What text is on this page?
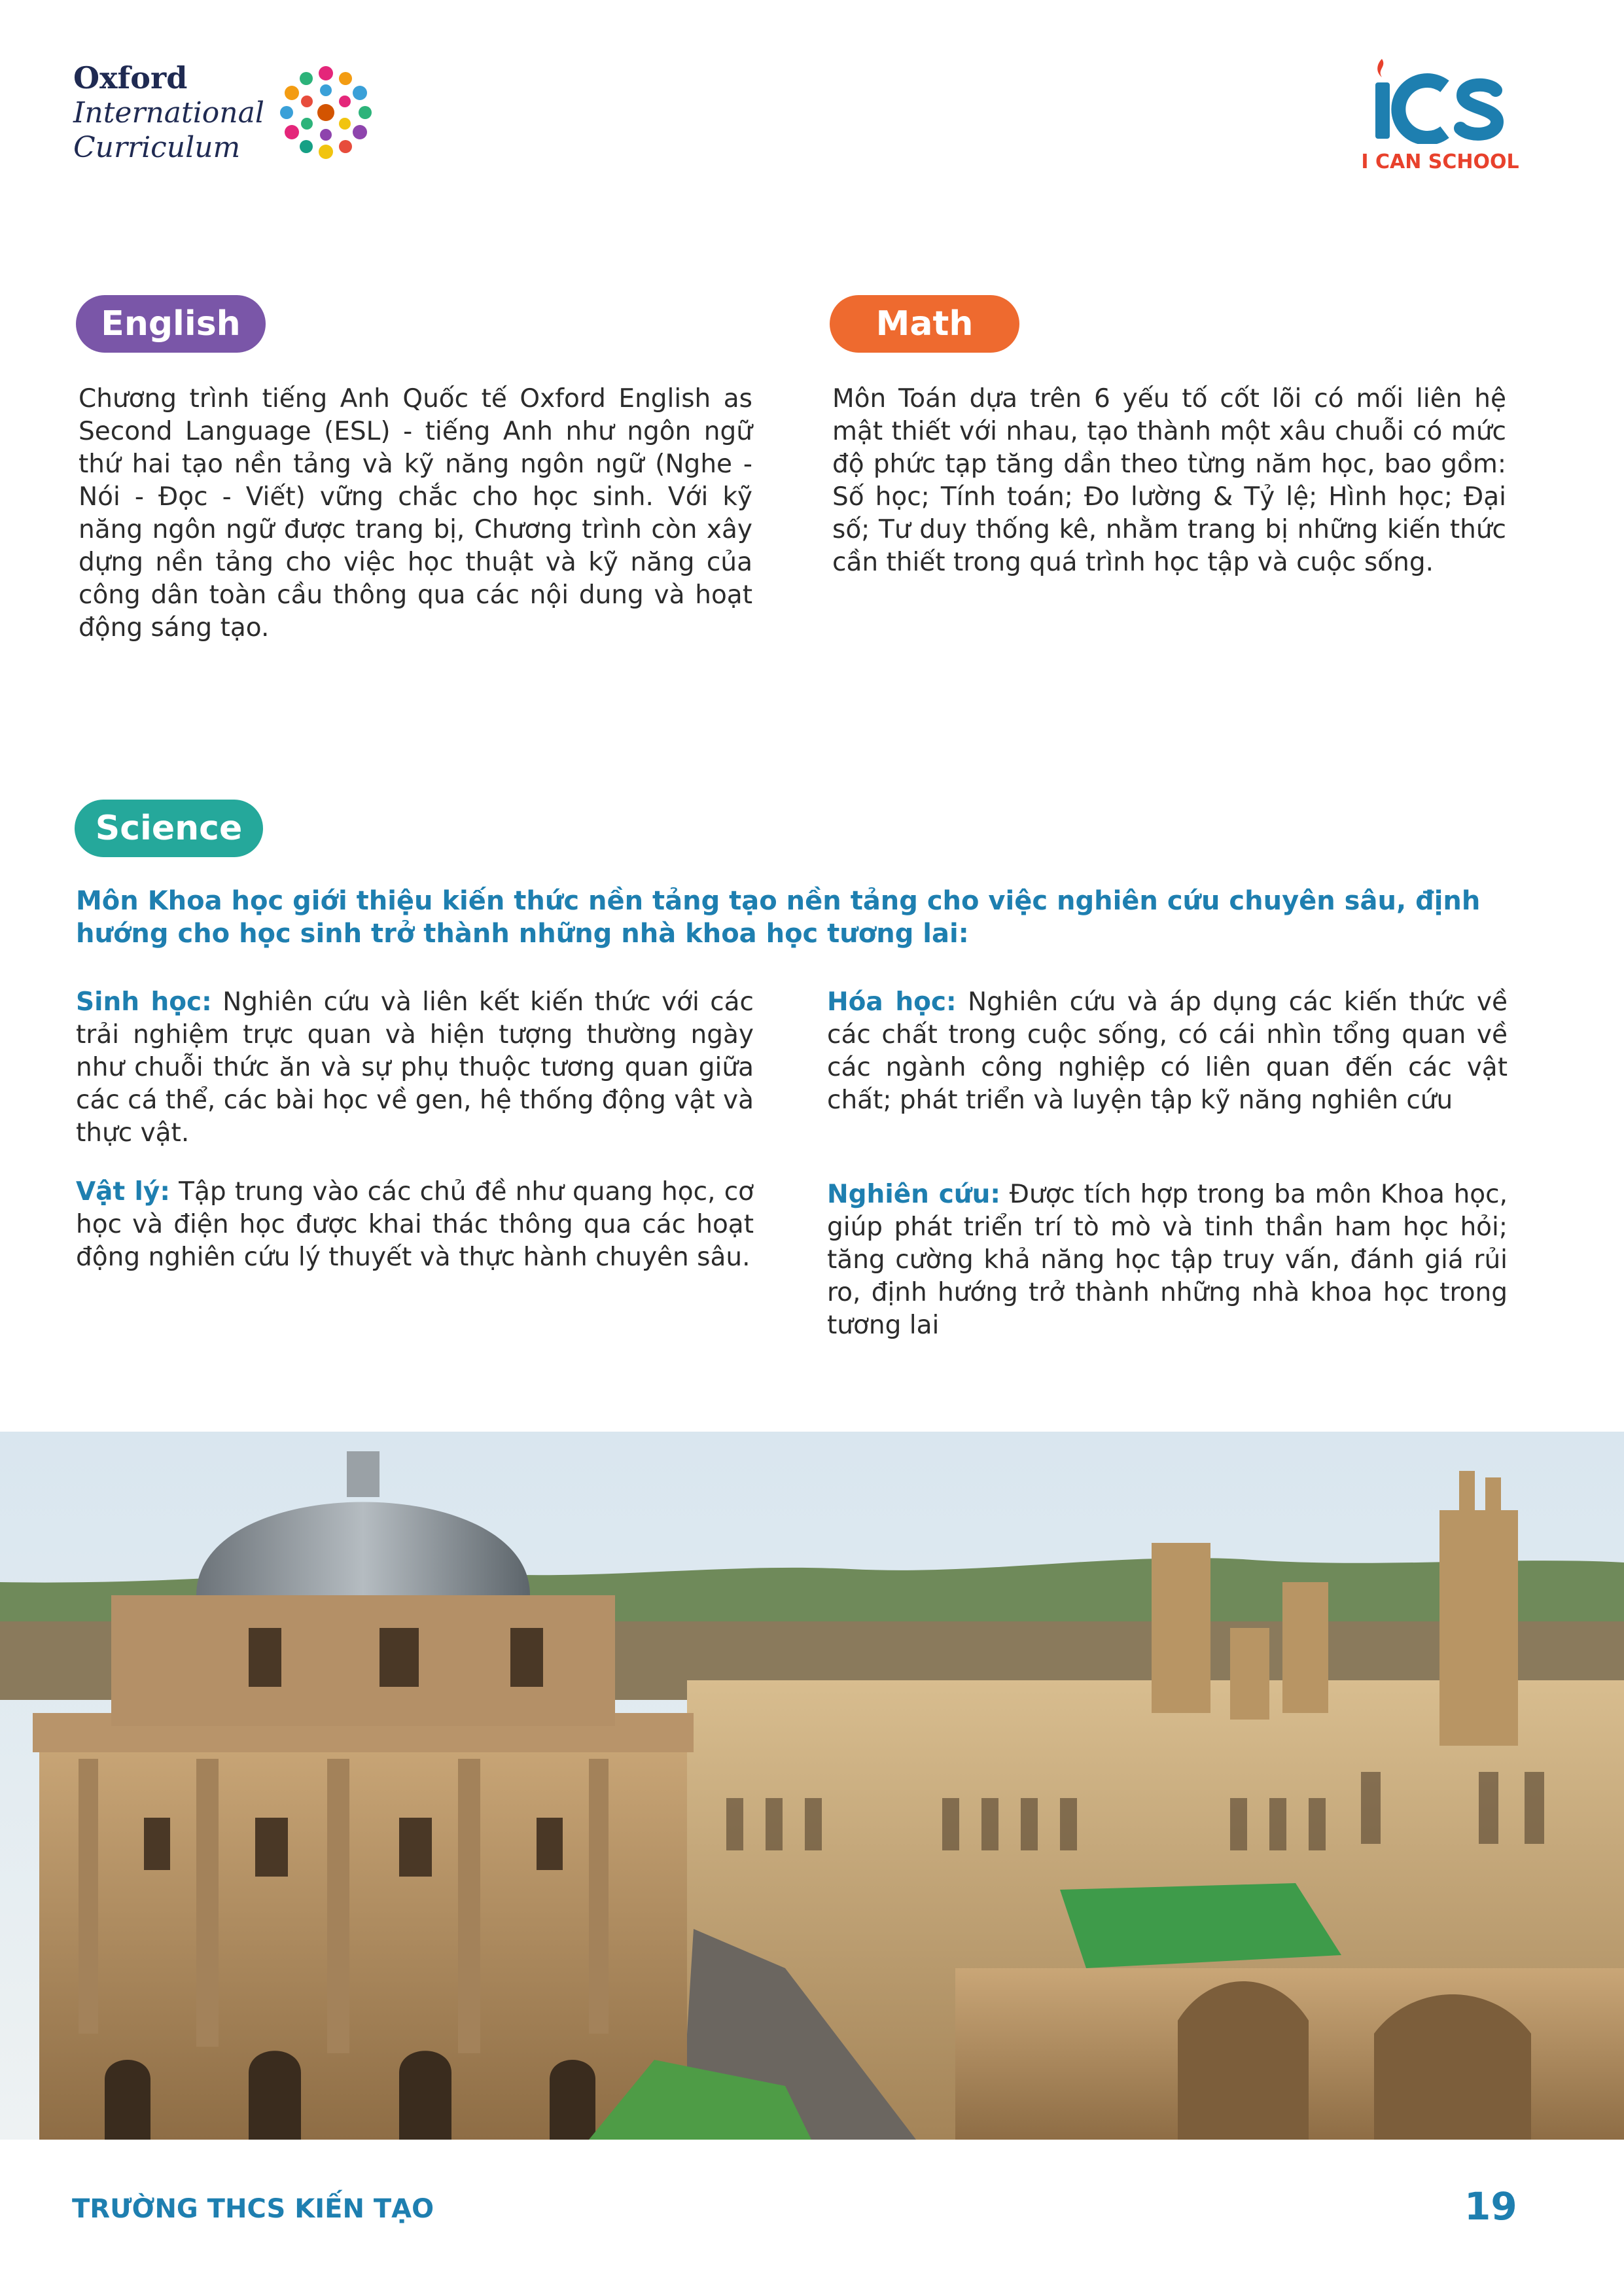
Oxford
International
Curriculum	I CAN SCHOOL
English
Chương trình tiếng Anh Quốc tế Oxford English as Second Language (ESL) - tiếng Anh như ngôn ngữ thứ hai tạo nền tảng và kỹ năng ngôn ngữ (Nghe - Nói - Đọc - Viết) vững chắc cho học sinh. Với kỹ năng ngôn ngữ được trang bị, Chương trình còn xây dựng nền tảng cho việc học thuật và kỹ năng của công dân toàn cầu thông qua các nội dung và hoạt động sáng tạo.
Math
Môn Toán dựa trên 6 yếu tố cốt lõi có mối liên hệ mật thiết với nhau, tạo thành một xâu chuỗi có mức độ phức tạp tăng dần theo từng năm học, bao gồm: Số học; Tính toán; Đo lường & Tỷ lệ; Hình học; Đại số; Tư duy thống kê, nhằm trang bị những kiến thức cần thiết trong quá trình học tập và cuộc sống.
Science
Môn Khoa học giới thiệu kiến thức nền tảng tạo nền tảng cho việc nghiên cứu chuyên sâu, định hướng cho học sinh trở thành những nhà khoa học tương lai:
Sinh học: Nghiên cứu và liên kết kiến thức với các trải nghiệm trực quan và hiện tượng thường ngày như chuỗi thức ăn và sự phụ thuộc tương quan giữa các cá thể, các bài học về gen, hệ thống động vật và thực vật.
Vật lý: Tập trung vào các chủ đề như quang học, cơ học và điện học được khai thác thông qua các hoạt động nghiên cứu lý thuyết và thực hành chuyên sâu.
Hóa học: Nghiên cứu và áp dụng các kiến thức về các chất trong cuộc sống, có cái nhìn tổng quan về các ngành công nghiệp có liên quan đến các vật chất; phát triển và luyện tập kỹ năng nghiên cứu
Nghiên cứu: Được tích hợp trong ba môn Khoa học, giúp phát triển trí tò mò và tinh thần ham học hỏi; tăng cường khả năng học tập truy vấn, đánh giá rủi ro, định hướng trở thành những nhà khoa học trong tương lai
TRƯỜNG THCS KIẾN TẠO	19
